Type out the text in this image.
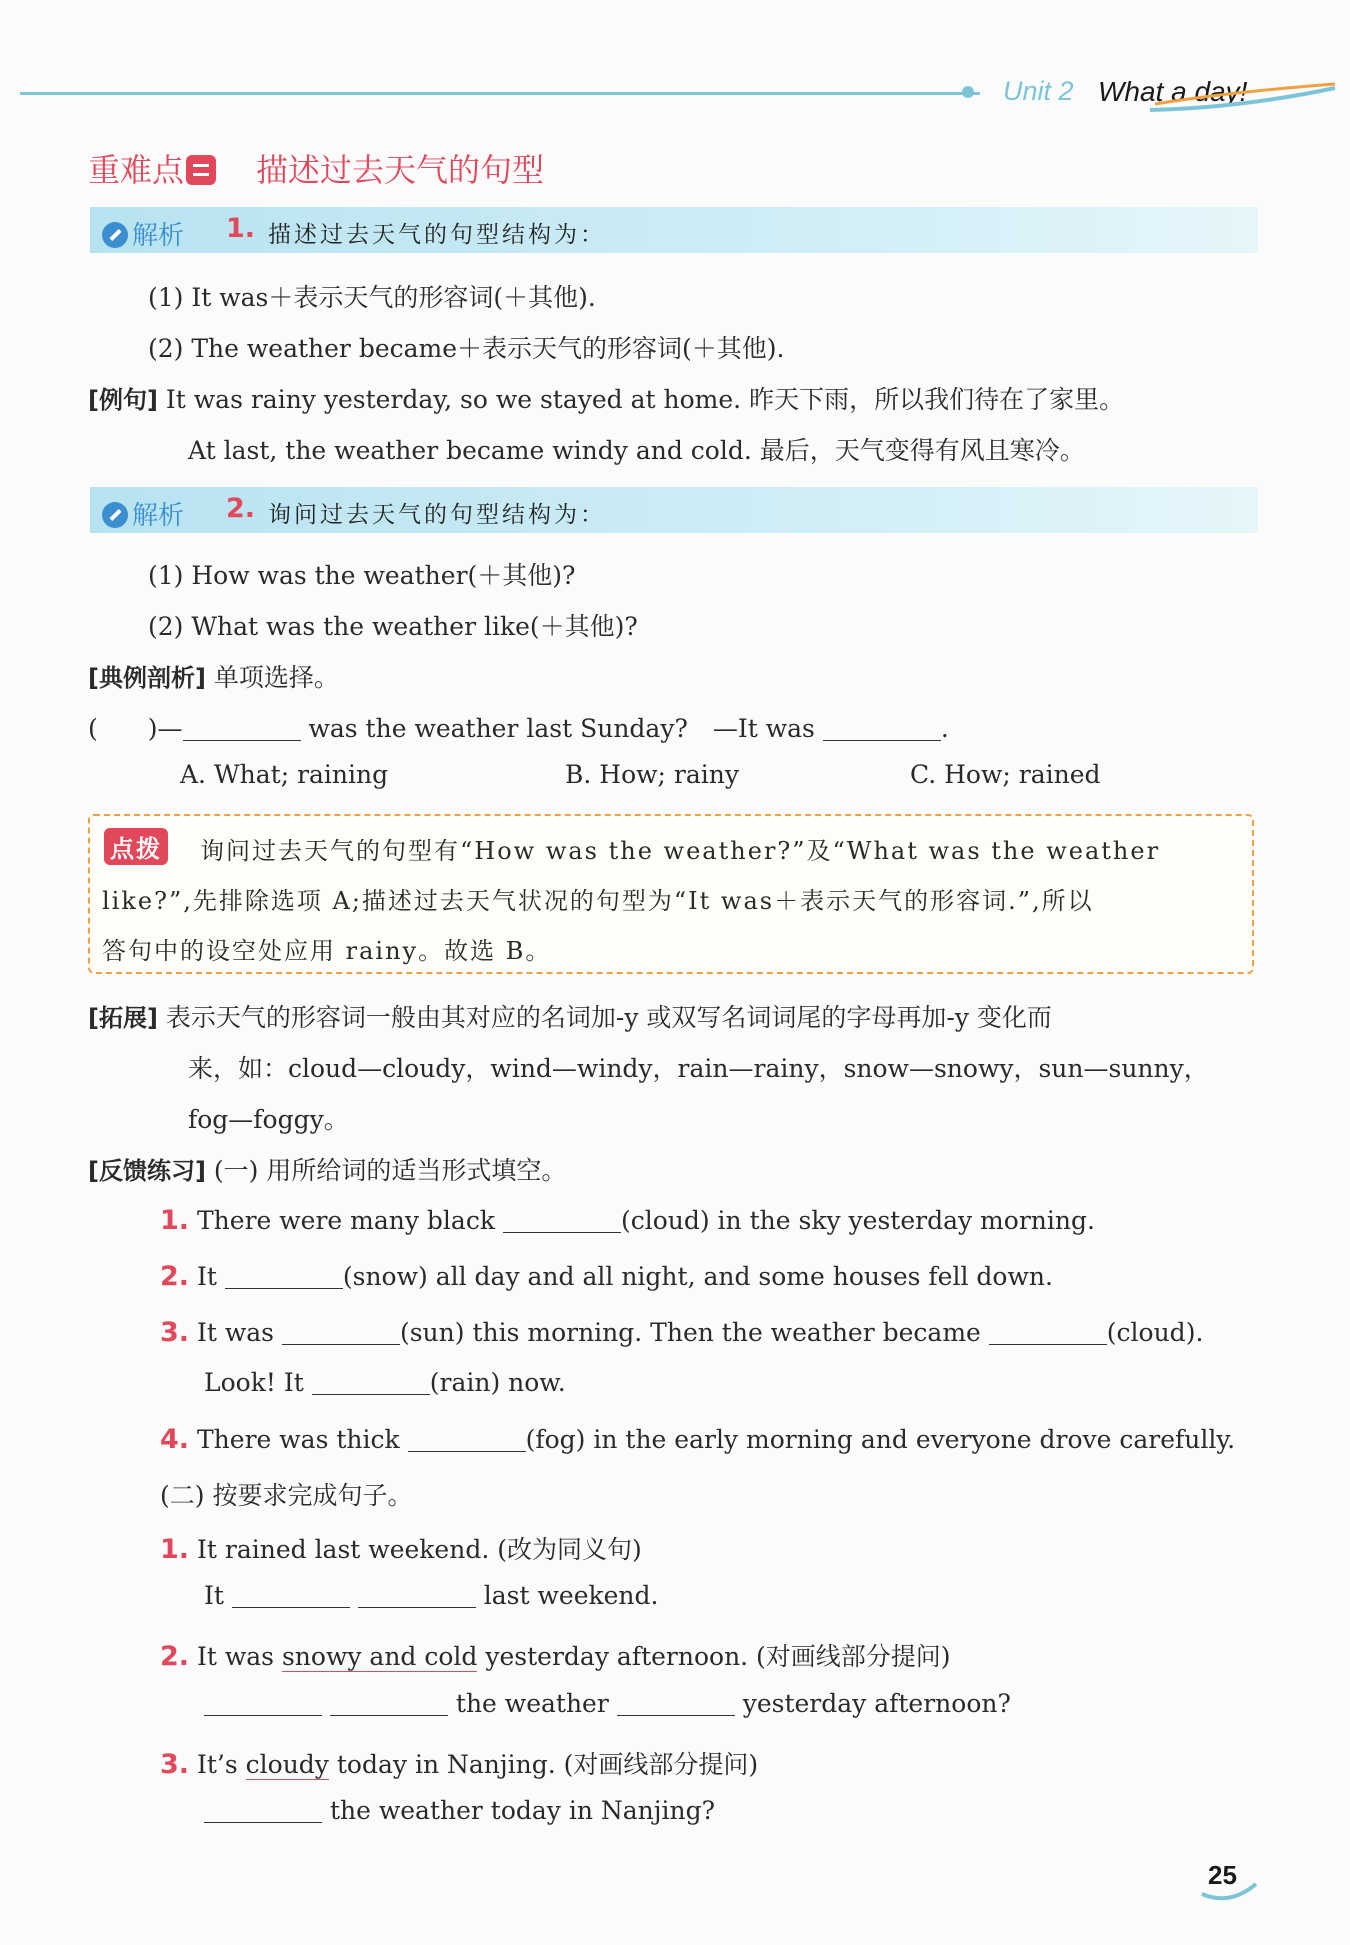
Unit 2 What a day!
重难点 描述过去天气的句型
解析 1. 描述过去天气的句型结构为：
(1) It was＋表示天气的形容词(＋其他).
(2) The weather became＋表示天气的形容词(＋其他).
[例句] It was rainy yesterday, so we stayed at home. 昨天下雨，所以我们待在了家里。
At last, the weather became windy and cold. 最后，天气变得有风且寒冷。
解析 2. 询问过去天气的句型结构为：
(1) How was the weather(＋其他)?
(2) What was the weather like(＋其他)?
[典例剖析] 单项选择。
(　　)—	was the weather last Sunday?　—It was	.
A. What; raining	B. How; rainy	C. How; rained
点拨 询问过去天气的句型有“How was the weather?”及“What was the weather
like?”,先排除选项 A;描述过去天气状况的句型为“It was＋表示天气的形容词.”,所以
答句中的设空处应用 rainy。故选 B。
[拓展] 表示天气的形容词一般由其对应的名词加-y 或双写名词词尾的字母再加-y 变化而
来，如：cloud—cloudy，wind—windy，rain—rainy，snow—snowy，sun—sunny，
fog—foggy。
[反馈练习] (一) 用所给词的适当形式填空。
1. There were many black	(cloud) in the sky yesterday morning.
2. It	(snow) all day and all night, and some houses fell down.
3. It was	(sun) this morning. Then the weather became	(cloud).
Look! It	(rain) now.
4. There was thick	(fog) in the early morning and everyone drove carefully.
(二) 按要求完成句子。
1. It rained last weekend. (改为同义句)
It	last weekend.
2. It was snowy and cold yesterday afternoon. (对画线部分提问)
the weather	yesterday afternoon?
3. It’s cloudy today in Nanjing. (对画线部分提问)
the weather today in Nanjing?
25
